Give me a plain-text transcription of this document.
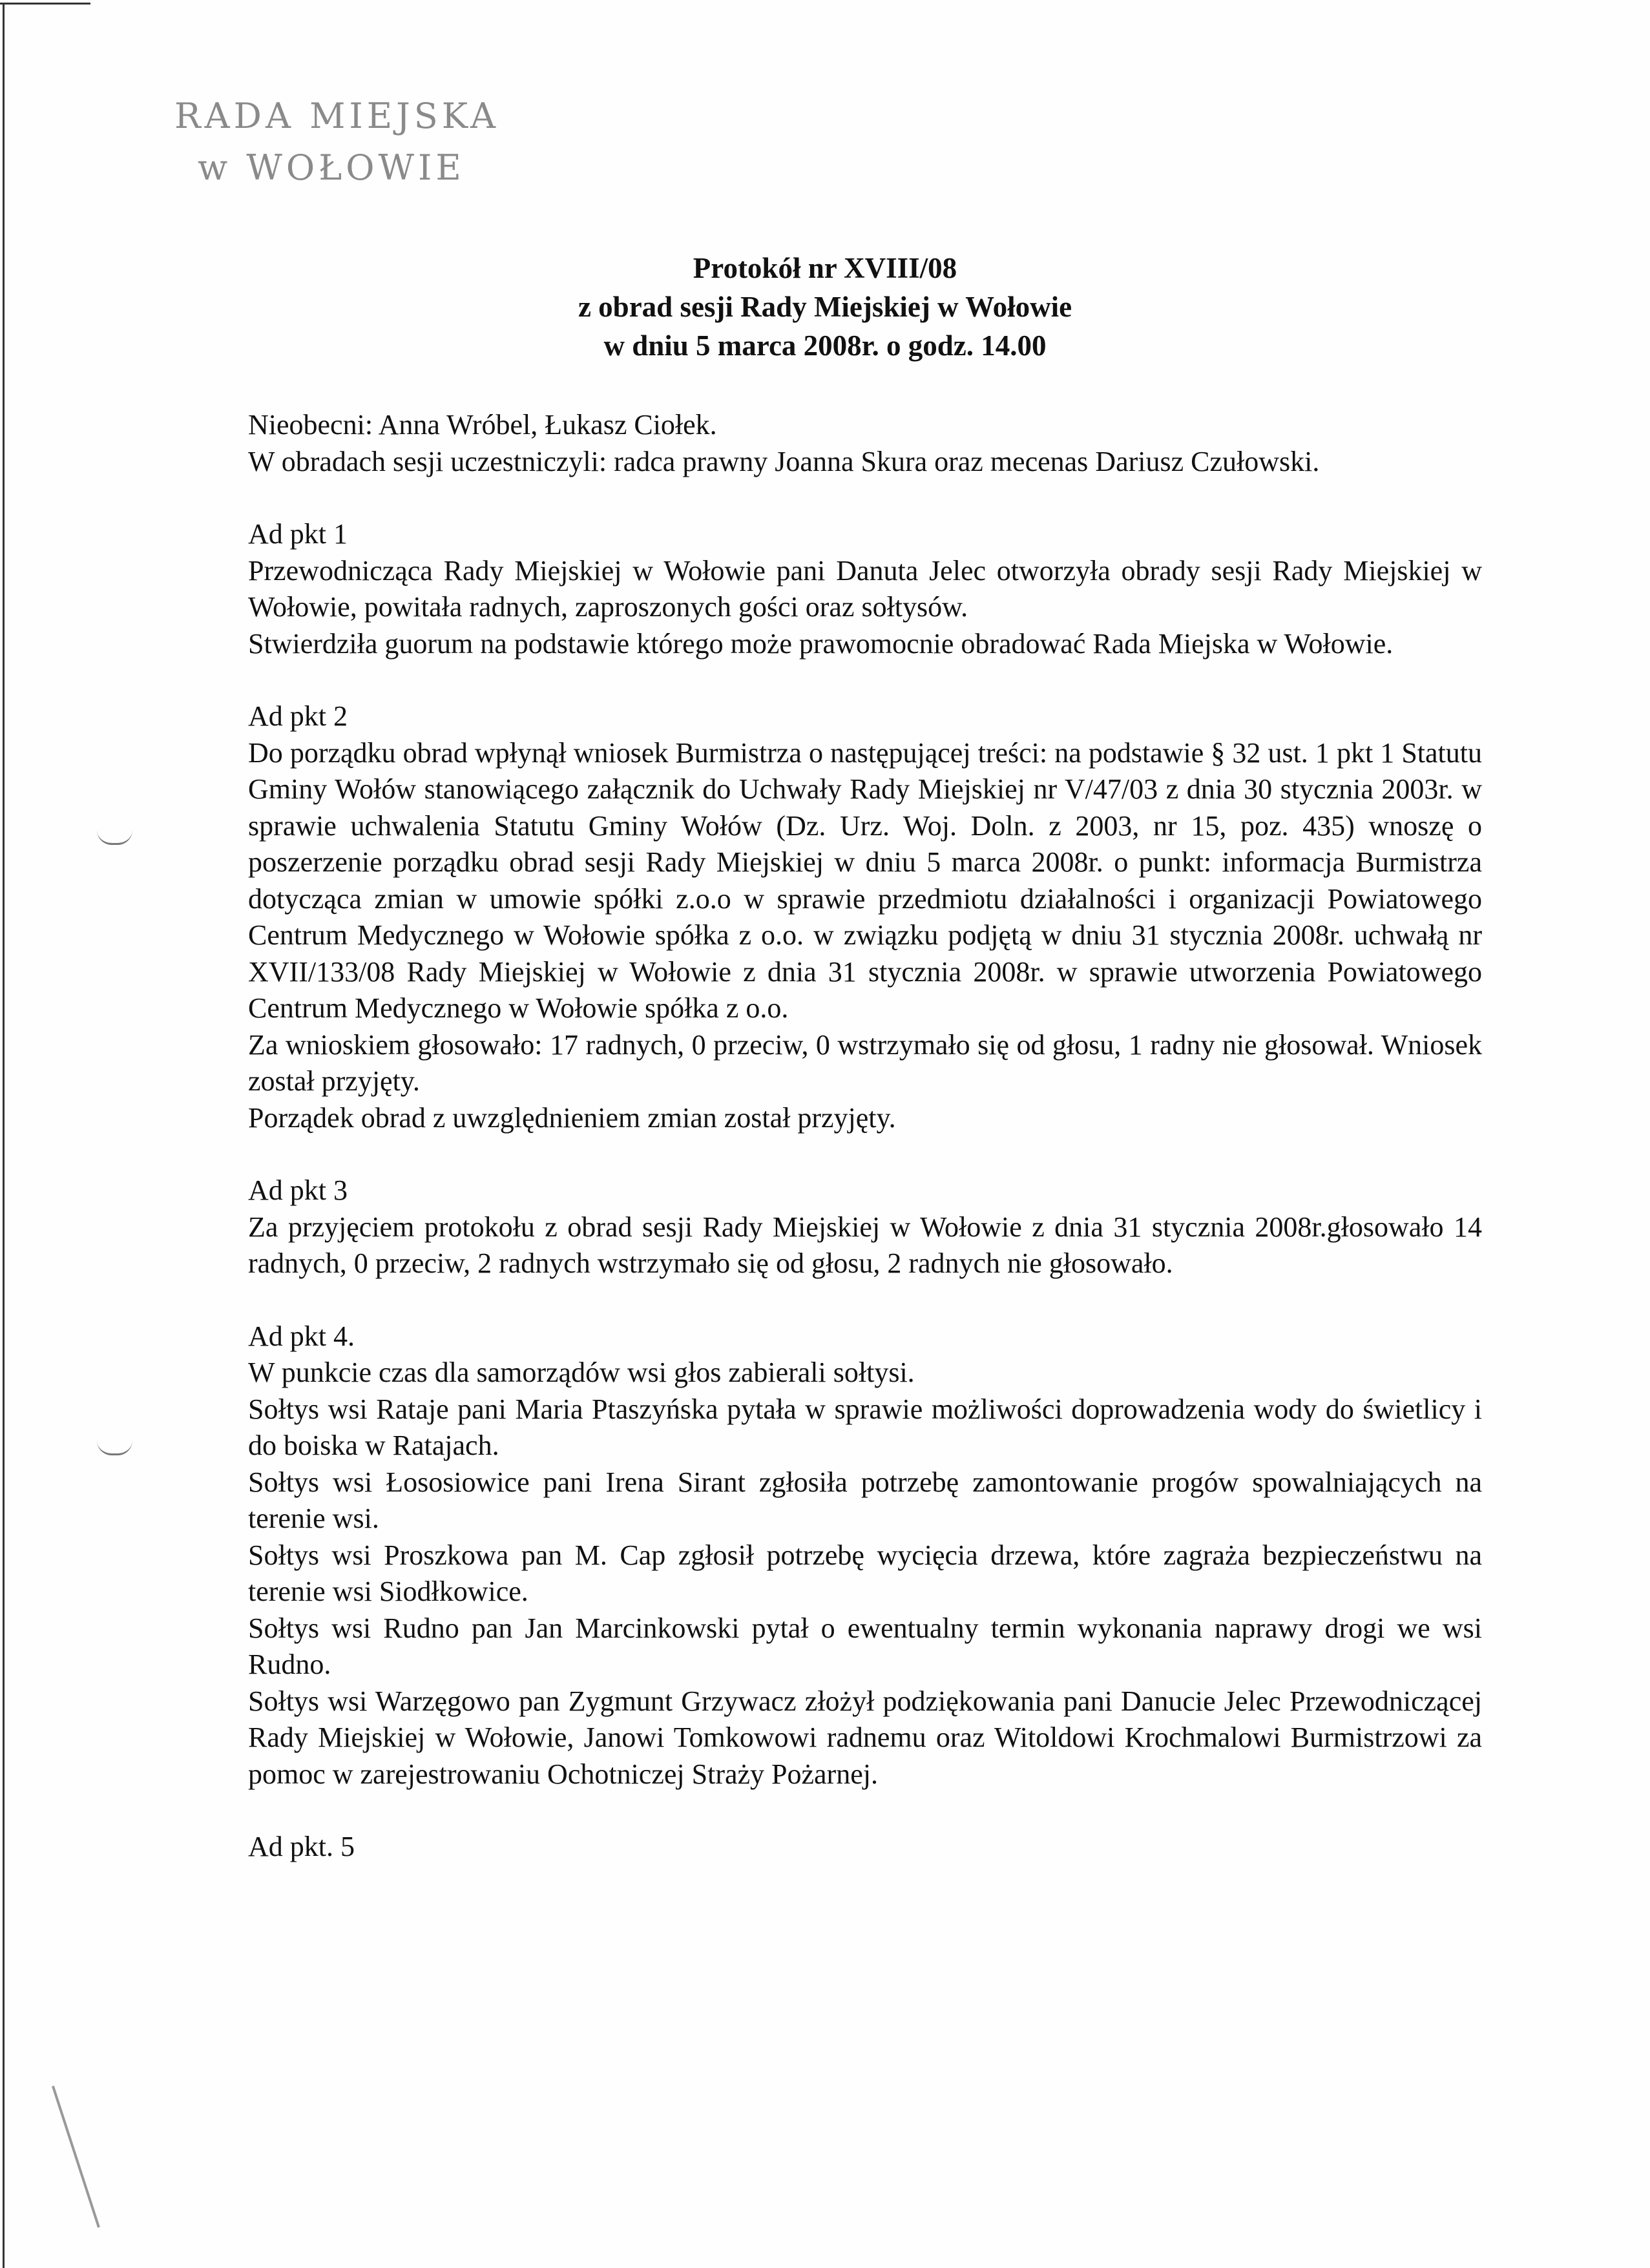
RADA MIEJSKA

w WOŁOWIE
Protokół nr XVIII/08
z obrad sesji Rady Miejskiej w Wołowie
w dniu 5 marca 2008r. o godz. 14.00

Nieobecni: Anna Wróbel, Łukasz Ciołek.

W obradach sesji uczestniczyli: radca prawny Joanna Skura oraz mecenas Dariusz Czułowski.

Ad pkt 1

Przewodnicząca Rady Miejskiej w Wołowie pani Danuta Jelec otworzyła obrady sesji Rady Miejskiej w Wołowie, powitała radnych, zaproszonych gości oraz sołtysów.

Stwierdziła guorum na podstawie którego może prawomocnie obradować Rada Miejska w Wołowie.

Ad pkt 2

Do porządku obrad wpłynął wniosek Burmistrza o następującej treści: na podstawie § 32 ust. 1 pkt 1 Statutu Gminy Wołów stanowiącego załącznik do Uchwały Rady Miejskiej nr V/47/03 z dnia 30 stycznia 2003r. w sprawie uchwalenia Statutu Gminy Wołów (Dz. Urz. Woj. Doln. z 2003, nr 15, poz. 435) wnoszę o poszerzenie porządku obrad sesji Rady Miejskiej w dniu 5 marca 2008r. o punkt: informacja Burmistrza dotycząca zmian w umowie spółki z.o.o w sprawie przedmiotu działalności i organizacji Powiatowego Centrum Medycznego w Wołowie spółka z o.o. w związku podjętą w dniu 31 stycznia 2008r. uchwałą nr XVII/133/08 Rady Miejskiej w Wołowie z dnia 31 stycznia 2008r. w sprawie utworzenia Powiatowego Centrum Medycznego w Wołowie spółka z o.o.

Za wnioskiem głosowało: 17 radnych, 0 przeciw, 0 wstrzymało się od głosu, 1 radny nie głosował. Wniosek został przyjęty.

Porządek obrad z uwzględnieniem zmian został przyjęty.

Ad pkt 3

Za przyjęciem protokołu z obrad sesji Rady Miejskiej w Wołowie z dnia 31 stycznia 2008r.głosowało 14 radnych, 0 przeciw, 2 radnych wstrzymało się od głosu, 2 radnych nie głosowało.

Ad pkt 4.

W punkcie czas dla samorządów wsi głos zabierali sołtysi.

Sołtys wsi Rataje pani Maria Ptaszyńska pytała w sprawie możliwości doprowadzenia wody do świetlicy i do boiska w Ratajach.

Sołtys wsi Łososiowice pani Irena Sirant zgłosiła potrzebę zamontowanie progów spowalniających na terenie wsi.

Sołtys wsi Proszkowa pan M. Cap zgłosił potrzebę wycięcia drzewa, które zagraża bezpieczeństwu na terenie wsi Siodłkowice.

Sołtys wsi Rudno pan Jan Marcinkowski pytał o ewentualny termin wykonania naprawy drogi we wsi Rudno.

Sołtys wsi Warzęgowo pan Zygmunt Grzywacz złożył podziękowania pani Danucie Jelec Przewodniczącej Rady Miejskiej w Wołowie, Janowi Tomkowowi radnemu oraz Witoldowi Krochmalowi Burmistrzowi za pomoc w zarejestrowaniu Ochotniczej Straży Pożarnej.

Ad pkt. 5
